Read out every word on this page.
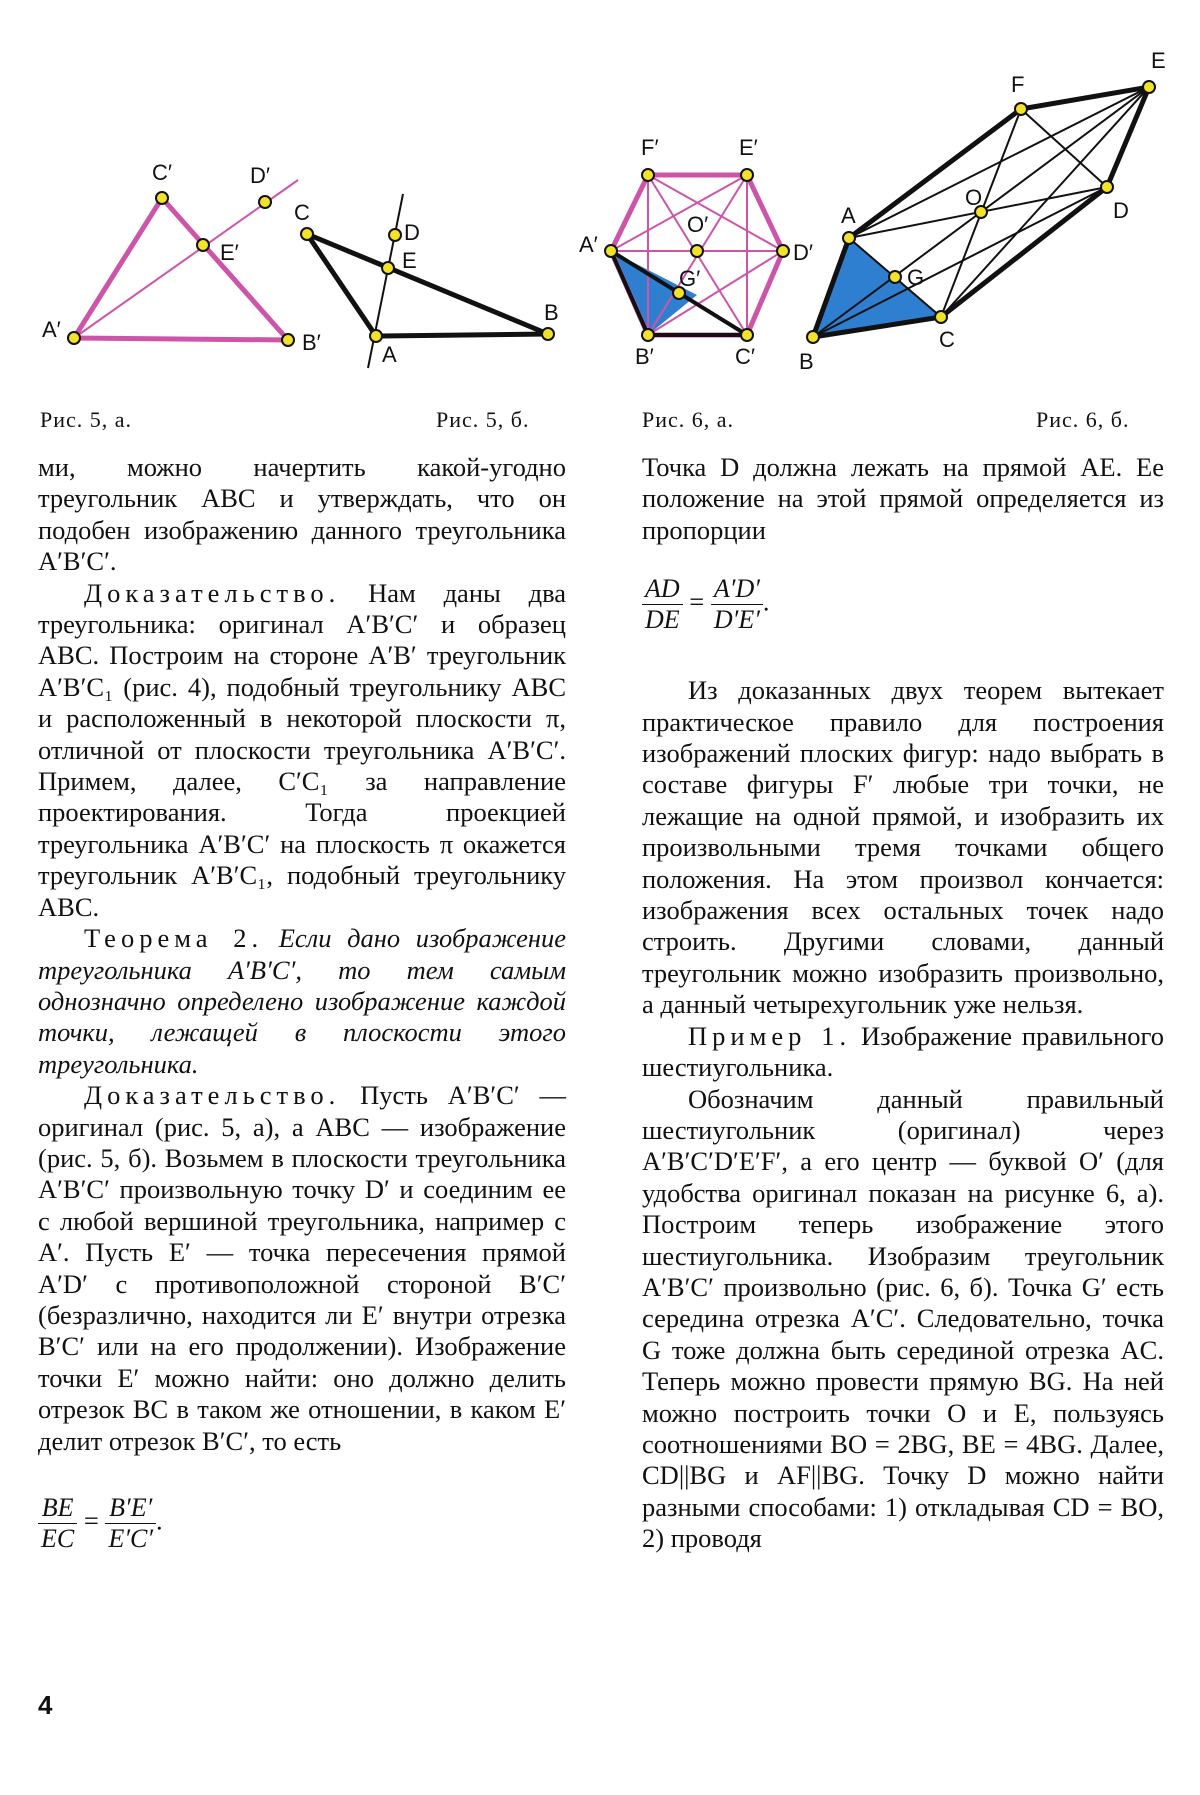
C′	D′
E′
A′
B′
C
D
E
A
B
F′	E′
O′
A′	D′
G′
B′	C′
E
F
O
D
A
G
C
B
Рис. 5, а.	Рис. 5, б.	Рис. 6, а.	Рис. 6, б.

ми, можно начертить какой-угодно треугольник ABC и утверждать, что он подобен изображению данного треугольника A′B′C′.

Доказательство. Нам даны два треугольника: оригинал A′B′C′ и образец ABC. Построим на стороне A′B′ треугольник A′B′C₁ (рис. 4), подобный треугольнику ABC и расположенный в некоторой плоскости π, отличной от плоскости треугольника A′B′C′. Примем, далее, C′C₁ за направление проектирования. Тогда проекцией треугольника A′B′C′ на плоскость π окажется треугольник A′B′C₁, подобный треугольнику ABC.

Теорема 2. Если дано изображение треугольника A′B′C′, то тем самым однозначно определено изображение каждой точки, лежащей в плоскости этого треугольника.

Доказательство. Пусть A′B′C′ — оригинал (рис. 5, а), а ABC — изображение (рис. 5, б). Возьмем в плоскости треугольника A′B′C′ произвольную точку D′ и соединим ее с любой вершиной треугольника, например с A′. Пусть E′ — точка пересечения прямой A′D′ с противоположной стороной B′C′ (безразлично, находится ли E′ внутри отрезка B′C′ или на его продолжении). Изображение точки E′ можно найти: оно должно делить отрезок BC в таком же отношении, в каком E′ делит отрезок B′C′, то есть

$\frac{BE}{EC} = \frac{B'E'}{E'C'}$ .

Точка D должна лежать на прямой AE. Ее положение на этой прямой определяется из пропорции

$\frac{AD}{DE} = \frac{A'D'}{D'E'}$ .

Из доказанных двух теорем вытекает практическое правило для построения изображений плоских фигур: надо выбрать в составе фигуры F′ любые три точки, не лежащие на одной прямой, и изобразить их произвольными тремя точками общего положения. На этом произвол кончается: изображения всех остальных точек надо строить. Другими словами, данный треугольник можно изобразить произвольно, а данный четырехугольник уже нельзя.

Пример 1. Изображение правильного шестиугольника.

Обозначим данный правильный шестиугольник (оригинал) через A′B′C′D′E′F′, а его центр — буквой O′ (для удобства оригинал показан на рисунке 6, а). Построим теперь изображение этого шестиугольника. Изобразим треугольник A′B′C′ произвольно (рис. 6, б). Точка G′ есть середина отрезка A′C′. Следовательно, точка G тоже должна быть серединой отрезка AC. Теперь можно провести прямую BG. На ней можно построить точки O и E, пользуясь соотношениями BO = 2BG, BE = 4BG. Далее, CD||BG и AF||BG. Точку D можно найти разными способами: 1) откладывая CD = BO, 2) проводя

4
